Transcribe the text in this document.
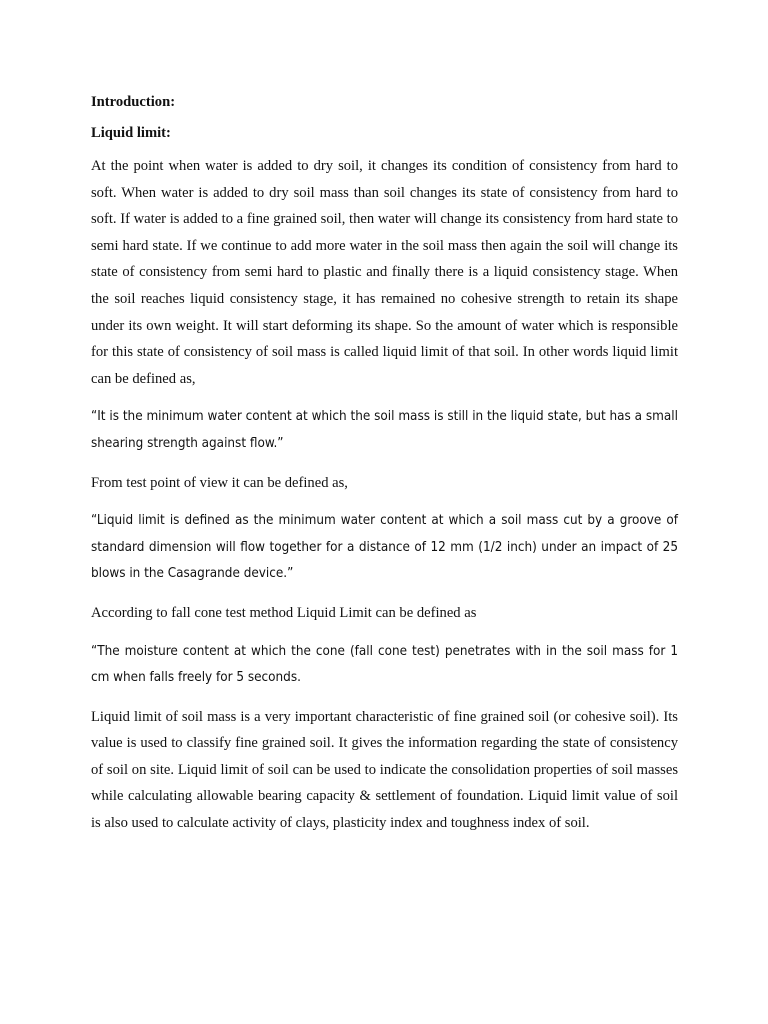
Introduction:

Liquid limit:

At the point when water is added to dry soil, it changes its condition of consistency from hard to soft. When water is added to dry soil mass than soil changes its state of consistency from hard to soft. If water is added to a fine grained soil, then water will change its consistency from hard state to semi hard state. If we continue to add more water in the soil mass then again the soil will change its state of consistency from semi hard to plastic and finally there is a liquid consistency stage. When the soil reaches liquid consistency stage, it has remained no cohesive strength to retain its shape under its own weight. It will start deforming its shape. So the amount of water which is responsible for this state of consistency of soil mass is called liquid limit of that soil. In other words liquid limit can be defined as,

“It is the minimum water content at which the soil mass is still in the liquid state, but has a small shearing strength against flow.”

From test point of view it can be defined as,

“Liquid limit is defined as the minimum water content at which a soil mass cut by a groove of standard dimension will flow together for a distance of 12 mm (1/2 inch) under an impact of 25 blows in the Casagrande device.”

According to fall cone test method Liquid Limit can be defined as

“The moisture content at which the cone (fall cone test) penetrates with in the soil mass for 1 cm when falls freely for 5 seconds.

Liquid limit of soil mass is a very important characteristic of fine grained soil (or cohesive soil). Its value is used to classify fine grained soil. It gives the information regarding the state of consistency of soil on site. Liquid limit of soil can be used to indicate the consolidation properties of soil masses while calculating allowable bearing capacity & settlement of foundation. Liquid limit value of soil is also used to calculate activity of clays, plasticity index and toughness index of soil.
